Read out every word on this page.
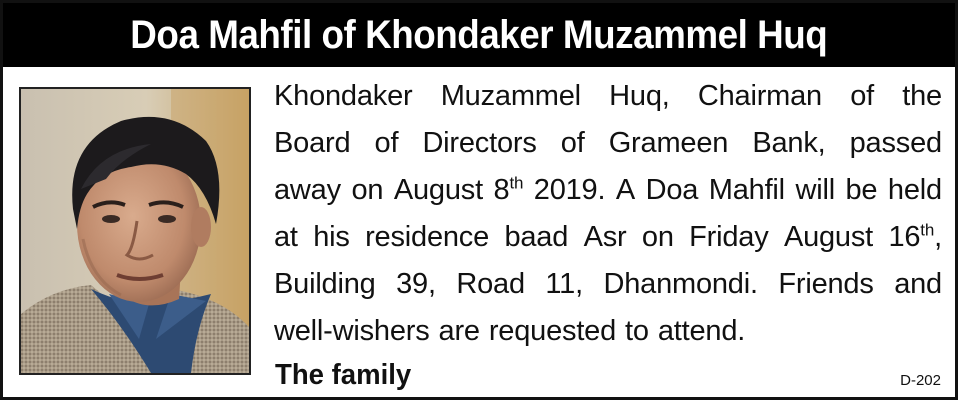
Doa Mahfil of Khondaker Muzammel Huq
Khondaker Muzammel Huq, Chairman of the
Board of Directors of Grameen Bank, passed
away on August 8th 2019. A Doa Mahfil will be held
at his residence baad Asr on Friday August 16th,
Building 39, Road 11, Dhanmondi. Friends and
well-wishers are requested to attend.
The family	D-202
